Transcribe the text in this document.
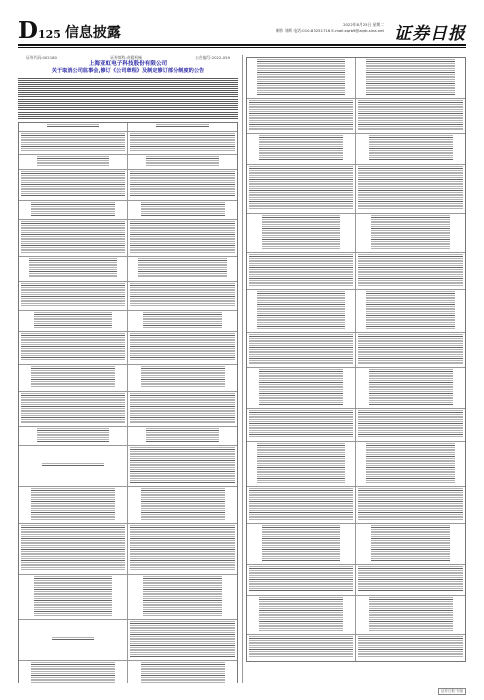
D 125 信息披露
2022年8月25日 星期二
制作 刘辉 电话:010-83251716 E-mail:zqrb9@zqrb.sina.net 证券日报
证券代码:002180	证券简称:奇精机械	公告编号:2022-059
上海亚虹电子科技股份有限公司
关于取消公司监事会,修订《公司章程》及制定修订部分制度的公告
证券日报·专版
